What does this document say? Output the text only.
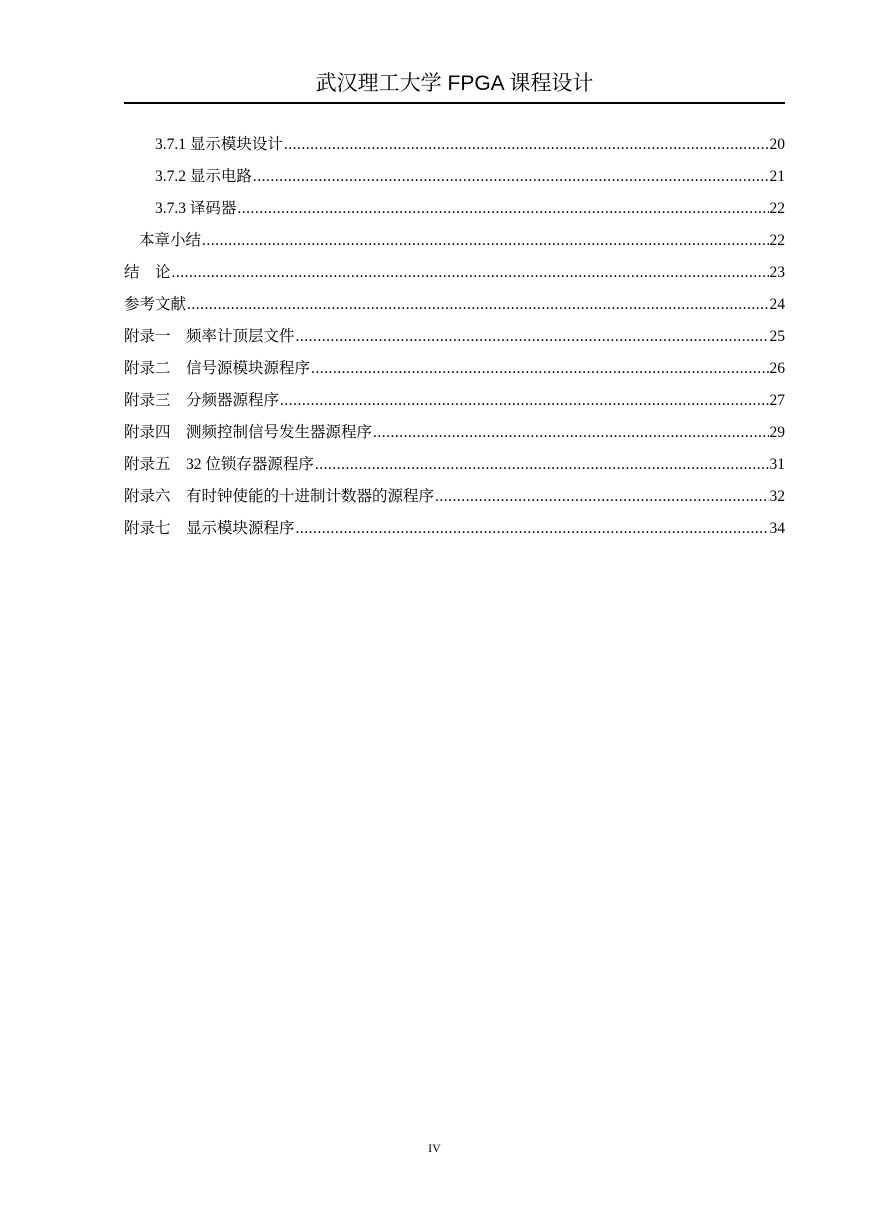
武汉理工大学 FPGA 课程设计
3.7.1 显示模块设计 .....	20
3.7.2 显示电路 .....	21
3.7.3 译码器 .....	22
本章小结 .....	22
结　论 .....	23
参考文献 .....	24
附录一　频率计顶层文件 .....	25
附录二　信号源模块源程序 .....	26
附录三　分频器源程序 .....	27
附录四　测频控制信号发生器源程序 .....	29
附录五　32 位锁存器源程序 .....	31
附录六　有时钟使能的十进制计数器的源程序 .....	32
附录七　显示模块源程序 .....	34
IV
